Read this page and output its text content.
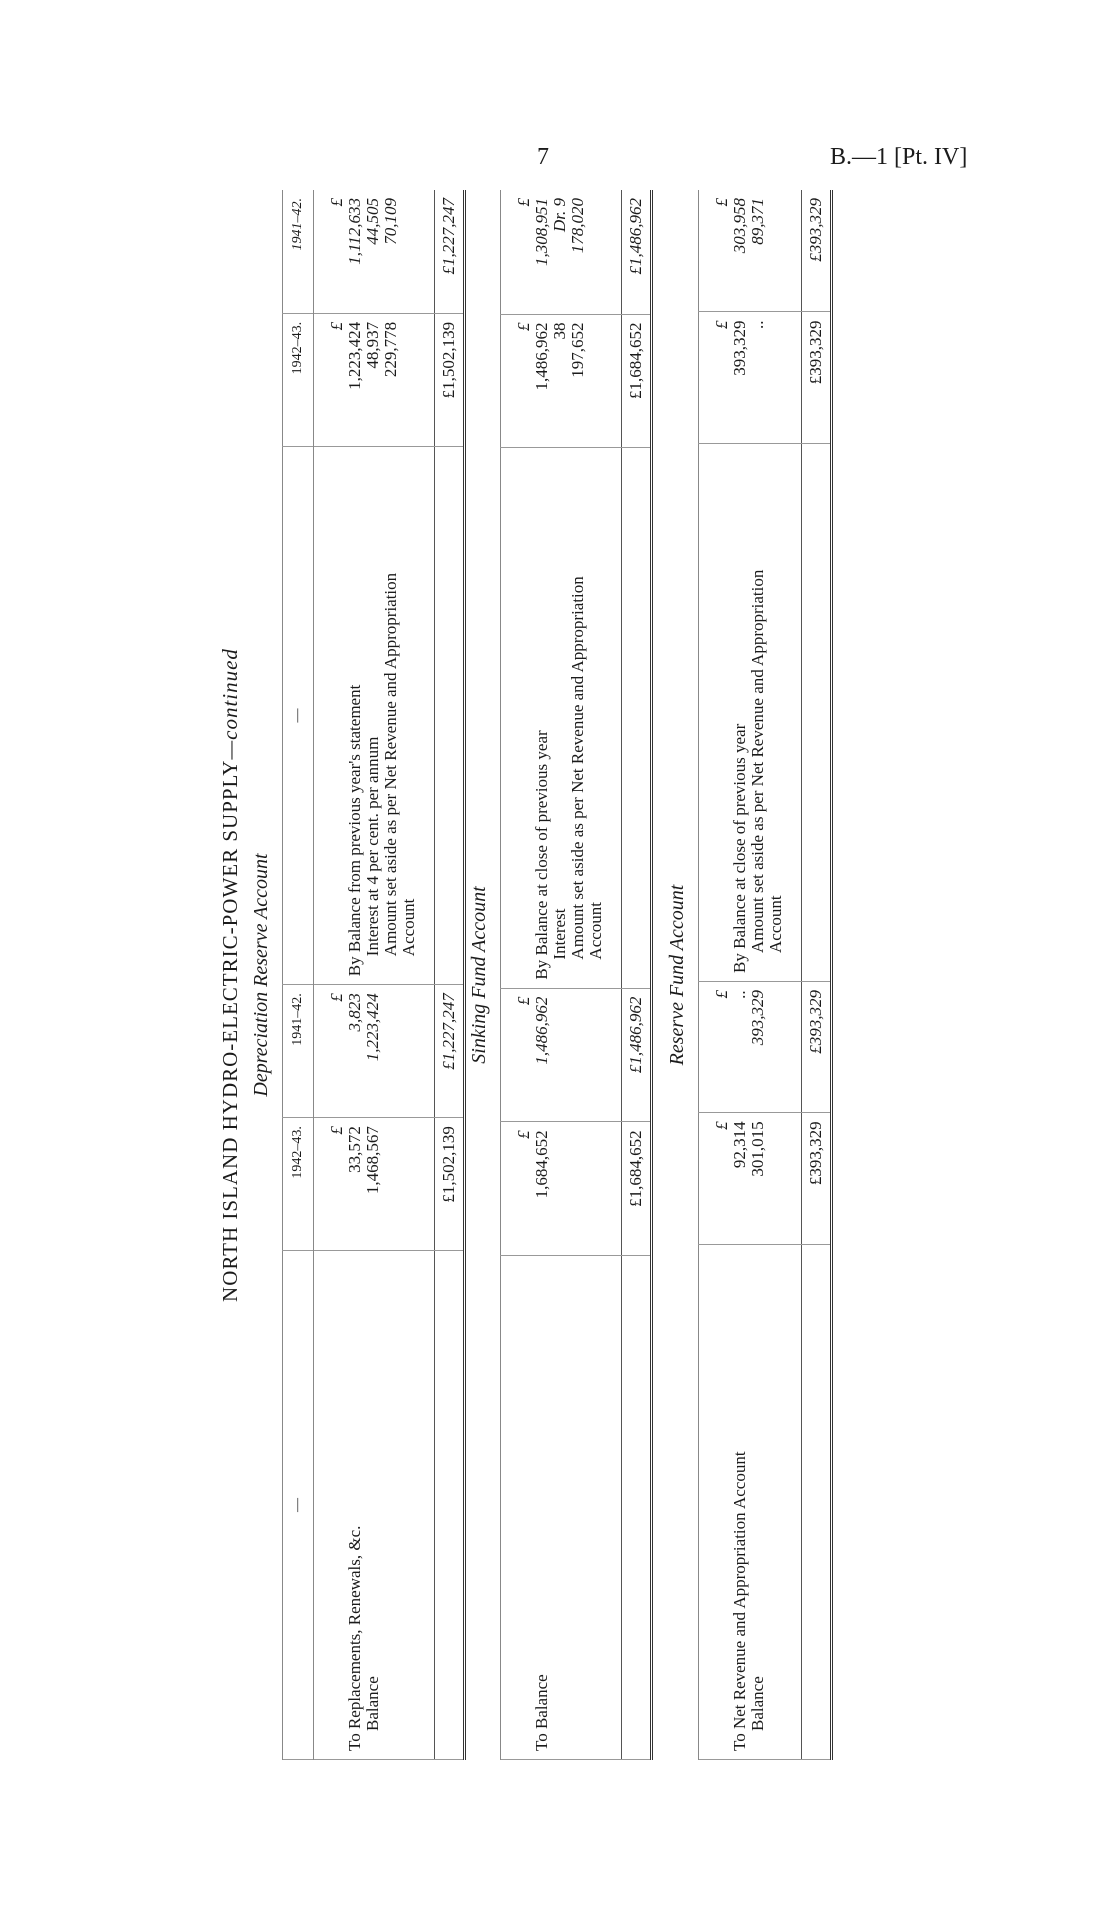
7	B.—1 [Pt. IV]
NORTH ISLAND HYDRO-ELECTRIC-POWER SUPPLY—continued
Depreciation Reserve Account
—	1942–43.	1941–42.	—	1942–43.	1941–42.

To Replacements, Renewals, &c. Balance	£ 33,572 1,468,567	£ 3,823 1,223,424	By Balance from previous year's statement Interest at 4 per cent. per annum Amount set aside as per Net Revenue and Appropriation Account	£ 1,223,424 48,937 229,778	£ 1,112,633 44,505 70,109

	£1,502,139	£1,227,247		£1,502,139	£1,227,247
Sinking Fund Account

To Balance	£ 1,684,652	£ 1,486,962	By Balance at close of previous year Interest Amount set aside as per Net Revenue and Appropriation Account	£ 1,486,962 38 197,652	£ 1,308,951 Dr. 9 178,020

	£1,684,652	£1,486,962		£1,684,652	£1,486,962
Reserve Fund Account

To Net Revenue and Appropriation Account Balance	£ 92,314 301,015	£ .. 393,329	By Balance at close of previous year Amount set aside as per Net Revenue and Appropriation Account	£ 393,329 ..	£ 303,958 89,371

	£393,329	£393,329		£393,329	£393,329
